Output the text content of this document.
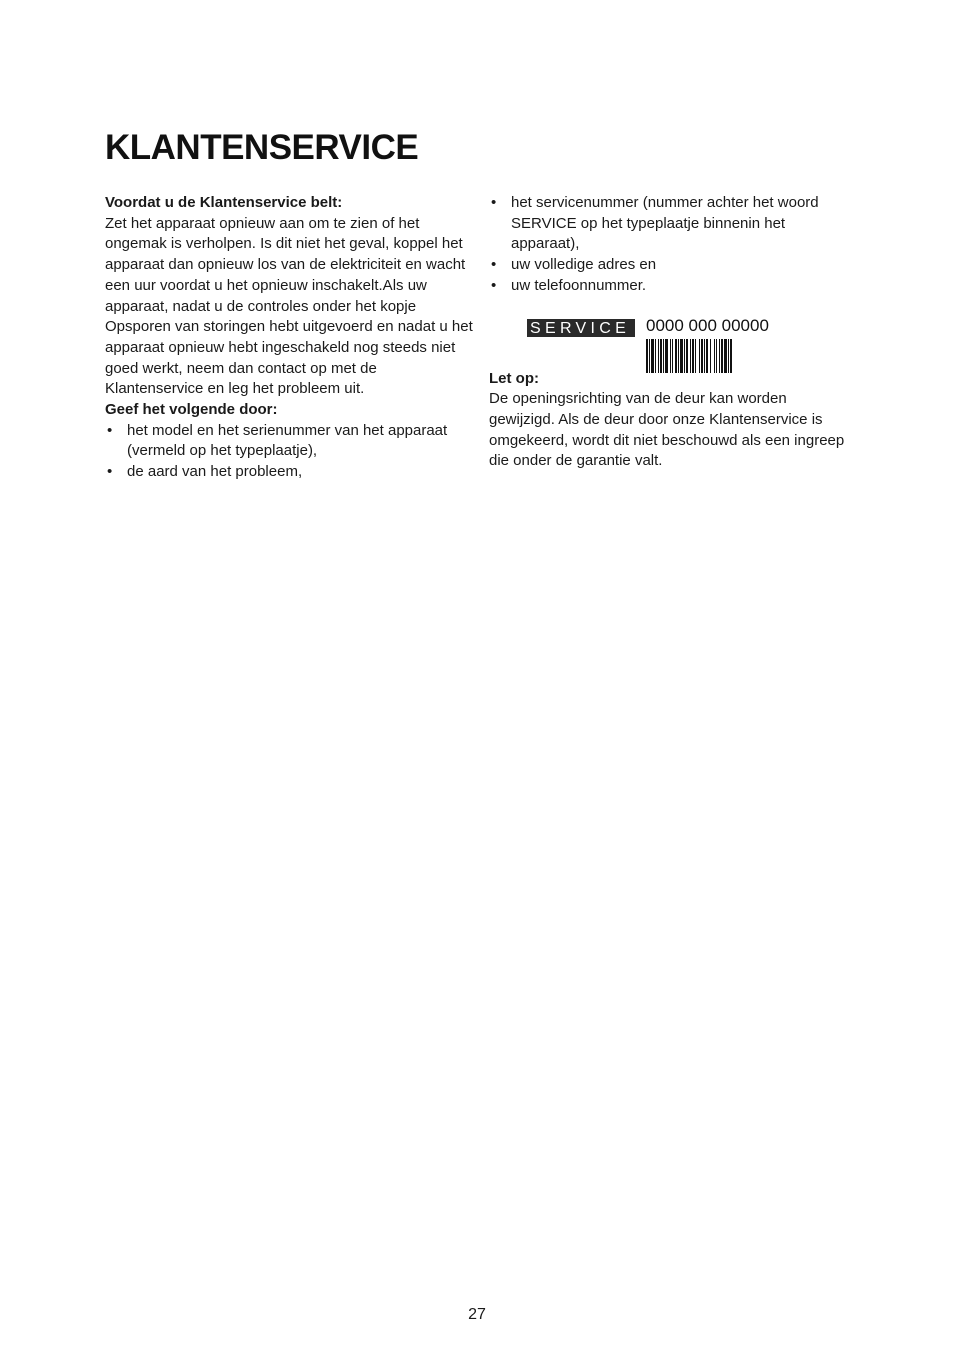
KLANTENSERVICE

Voordat u de Klantenservice belt:

Zet het apparaat opnieuw aan om te zien of het ongemak is verholpen. Is dit niet het geval, koppel het apparaat dan opnieuw los van de elektriciteit en wacht een uur voordat u het opnieuw inschakelt.Als uw apparaat, nadat u de controles onder het kopje Opsporen van storingen hebt uitgevoerd en nadat u het apparaat opnieuw hebt ingeschakeld nog steeds niet goed werkt, neem dan contact op met de Klantenservice en leg het probleem uit.

Geef het volgende door:

• het model en het serienummer van het apparaat (vermeld op het typeplaatje),
• de aard van het probleem,
• het servicenummer (nummer achter het woord SERVICE op het typeplaatje binnenin het apparaat),
• uw volledige adres en
• uw telefoonnummer.
SERVICE 0000 000 00000

Let op:

De openingsrichting van de deur kan worden gewijzigd. Als de deur door onze Klantenservice is omgekeerd, wordt dit niet beschouwd als een ingreep die onder de garantie valt.

27
